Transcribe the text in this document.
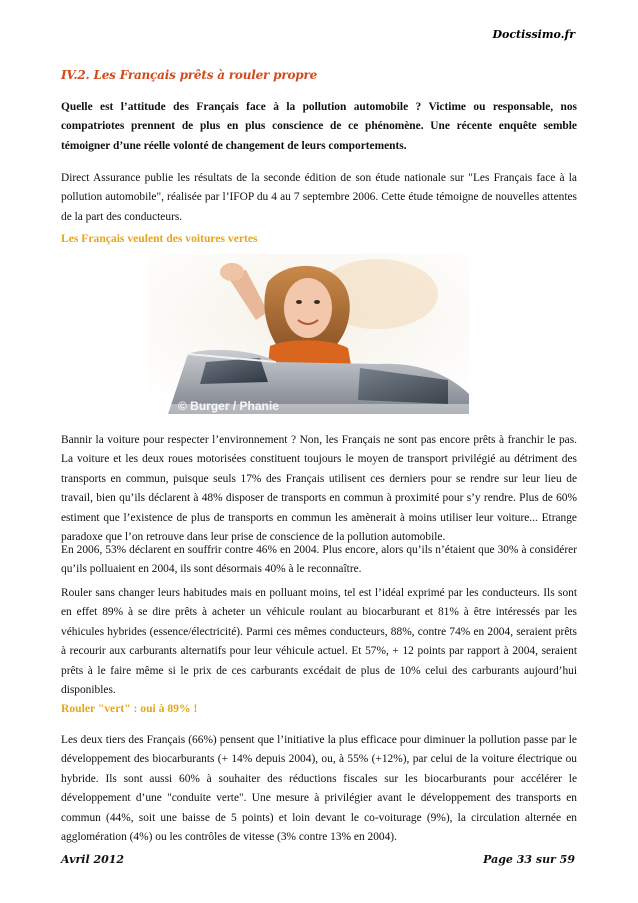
Doctissimo.fr
IV.2. Les Français prêts à rouler propre

Quelle est l’attitude des Français face à la pollution automobile ? Victime ou responsable, nos compatriotes prennent de plus en plus conscience de ce phénomène. Une récente enquête semble témoigner d’une réelle volonté de changement de leurs comportements.

Direct Assurance publie les résultats de la seconde édition de son étude nationale sur "Les Français face à la pollution automobile", réalisée par l’IFOP du 4 au 7 septembre 2006. Cette étude témoigne de nouvelles attentes de la part des conducteurs.

Les Français veulent des voitures vertes
© Burger / Phanie

Bannir la voiture pour respecter l’environnement ? Non, les Français ne sont pas encore prêts à franchir le pas. La voiture et les deux roues motorisées constituent toujours le moyen de transport privilégié au détriment des transports en commun, puisque seuls 17% des Français utilisent ces derniers pour se rendre sur leur lieu de travail, bien qu’ils déclarent à 48% disposer de transports en commun à proximité pour s’y rendre. Plus de 60% estiment que l’existence de plus de transports en commun les amènerait à moins utiliser leur voiture... Etrange paradoxe que l’on retrouve dans leur prise de conscience de la pollution automobile.

En 2006, 53% déclarent en souffrir contre 46% en 2004. Plus encore, alors qu’ils n’étaient que 30% à considérer qu’ils polluaient en 2004, ils sont désormais 40% à le reconnaître.

Rouler sans changer leurs habitudes mais en polluant moins, tel est l’idéal exprimé par les conducteurs. Ils sont en effet 89% à se dire prêts à acheter un véhicule roulant au biocarburant et 81% à être intéressés par les véhicules hybrides (essence/électricité). Parmi ces mêmes conducteurs, 88%, contre 74% en 2004, seraient prêts à recourir aux carburants alternatifs pour leur véhicule actuel. Et 57%, + 12 points par rapport à 2004, seraient prêts à le faire même si le prix de ces carburants excédait de plus de 10% celui des carburants aujourd’hui disponibles.

Rouler "vert" : oui à 89% !

Les deux tiers des Français (66%) pensent que l’initiative la plus efficace pour diminuer la pollution passe par le développement des biocarburants (+ 14% depuis 2004), ou, à 55% (+12%), par celui de la voiture électrique ou hybride. Ils sont aussi 60% à souhaiter des réductions fiscales sur les biocarburants pour accélérer le développement d’une "conduite verte". Une mesure à privilégier avant le développement des transports en commun (44%, soit une baisse de 5 points) et loin devant le co-voiturage (9%), la circulation alternée en agglomération (4%) ou les contrôles de vitesse (3% contre 13% en 2004).

Avril 2012	Page 33 sur 59
